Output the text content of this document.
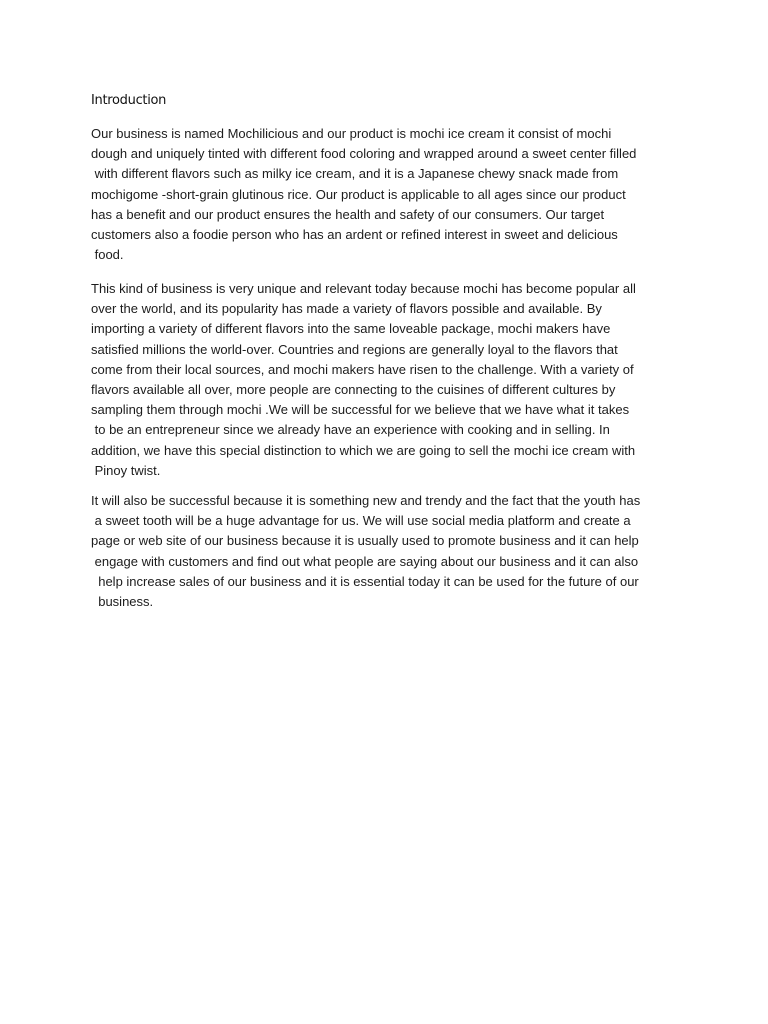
Introduction

Our business is named Mochilicious and our product is mochi ice cream it consist of mochi
dough and uniquely tinted with different food coloring and wrapped around a sweet center filled
with different flavors such as milky ice cream, and it is a Japanese chewy snack made from
mochigome -short-grain glutinous rice. Our product is applicable to all ages since our product
has a benefit and our product ensures the health and safety of our consumers. Our target
customers also a foodie person who has an ardent or refined interest in sweet and delicious
food.

This kind of business is very unique and relevant today because mochi has become popular all
over the world, and its popularity has made a variety of flavors possible and available. By
importing a variety of different flavors into the same loveable package, mochi makers have
satisfied millions the world-over. Countries and regions are generally loyal to the flavors that
come from their local sources, and mochi makers have risen to the challenge. With a variety of
flavors available all over, more people are connecting to the cuisines of different cultures by
sampling them through mochi .We will be successful for we believe that we have what it takes
to be an entrepreneur since we already have an experience with cooking and in selling. In
addition, we have this special distinction to which we are going to sell the mochi ice cream with
Pinoy twist.

It will also be successful because it is something new and trendy and the fact that the youth has
a sweet tooth will be a huge advantage for us. We will use social media platform and create a
page or web site of our business because it is usually used to promote business and it can help
engage with customers and find out what people are saying about our business and it can also
help increase sales of our business and it is essential today it can be used for the future of our
business.
